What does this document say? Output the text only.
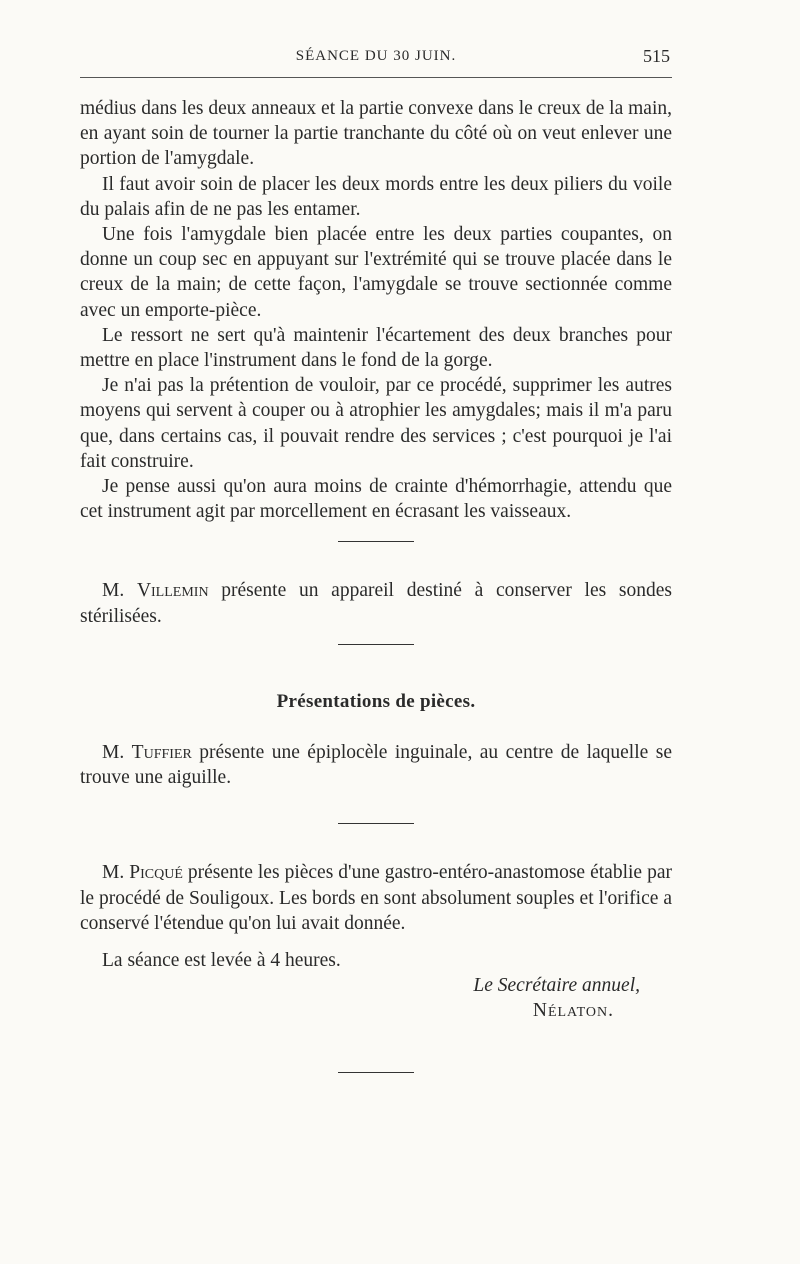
SÉANCE DU 30 JUIN.	515

médius dans les deux anneaux et la partie convexe dans le creux de la main, en ayant soin de tourner la partie tranchante du côté où on veut enlever une portion de l'amygdale.

Il faut avoir soin de placer les deux mords entre les deux piliers du voile du palais afin de ne pas les entamer.

Une fois l'amygdale bien placée entre les deux parties coupantes, on donne un coup sec en appuyant sur l'extrémité qui se trouve placée dans le creux de la main; de cette façon, l'amygdale se trouve sectionnée comme avec un emporte-pièce.

Le ressort ne sert qu'à maintenir l'écartement des deux branches pour mettre en place l'instrument dans le fond de la gorge.

Je n'ai pas la prétention de vouloir, par ce procédé, supprimer les autres moyens qui servent à couper ou à atrophier les amygdales; mais il m'a paru que, dans certains cas, il pouvait rendre des services ; c'est pourquoi je l'ai fait construire.

Je pense aussi qu'on aura moins de crainte d'hémorrhagie, attendu que cet instrument agit par morcellement en écrasant les vaisseaux.

M. Villemin présente un appareil destiné à conserver les sondes stérilisées.

Présentations de pièces.

M. Tuffier présente une épiplocèle inguinale, au centre de laquelle se trouve une aiguille.

M. Picqué présente les pièces d'une gastro-entéro-anastomose établie par le procédé de Souligoux. Les bords en sont absolument souples et l'orifice a conservé l'étendue qu'on lui avait donnée.

La séance est levée à 4 heures.

Le Secrétaire annuel,

Nélaton.
